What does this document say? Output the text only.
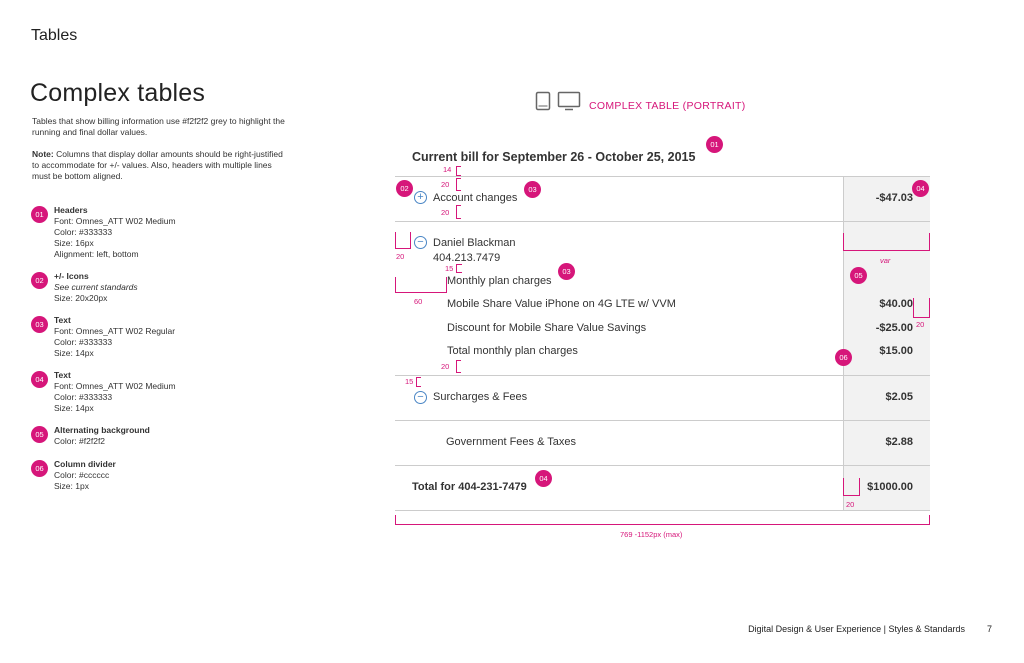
Tables
Complex tables
Tables that show billing information use #f2f2f2 grey to highlight the running and final dollar values.
Note: Columns that display dollar amounts should be right-justified to accommodate for +/- values. Also, headers with multiple lines must be bottom aligned.
01	Headers
Font: Omnes_ATT W02 Medium
Color: #333333
Size: 16px
Alignment: left, bottom
02	+/- Icons
See current standards
Size: 20x20px
03	Text
Font: Omnes_ATT W02 Regular
Color: #333333
Size: 14px
04	Text
Font: Omnes_ATT W02 Medium
Color: #333333
Size: 14px
05	Alternating background
Color: #f2f2f2
06	Column divider
Color: #cccccc
Size: 1px
COMPLEX TABLE (PORTRAIT)
Current bill for September 26 - October 25, 2015
+ Account changes	-$47.03
− Daniel Blackman
404.213.7479
Monthly plan charges
Mobile Share Value iPhone on 4G LTE w/ VVM	$40.00
Discount for Mobile Share Value Savings	-$25.00
Total monthly plan charges	$15.00
− Surcharges & Fees	$2.05
Government Fees & Taxes	$2.88
Total for 404-231-7479	$1000.00
01
02	03	04
03	05
06
04
14
20
20
20
15
60
var
20
20
15
20
769 -1152px (max)
Digital Design & User Experience | Styles & Standards 7
